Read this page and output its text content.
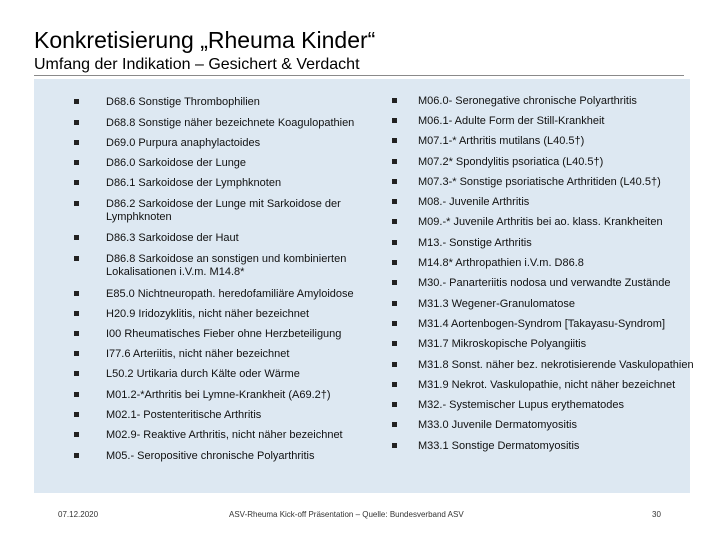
Konkretisierung „Rheuma Kinder“
Umfang der Indikation – Gesichert & Verdacht
D68.6 Sonstige Thrombophilien
D68.8 Sonstige näher bezeichnete Koagulopathien
D69.0 Purpura anaphylactoides
D86.0 Sarkoidose der Lunge
D86.1 Sarkoidose der Lymphknoten
D86.2 Sarkoidose der Lunge mit Sarkoidose der Lymphknoten
D86.3 Sarkoidose der Haut
D86.8 Sarkoidose an sonstigen und kombinierten Lokalisationen i.V.m. M14.8*
E85.0 Nichtneuropath. heredofamiliäre Amyloidose
H20.9 Iridozyklitis, nicht näher bezeichnet
I00 Rheumatisches Fieber ohne Herzbeteiligung
I77.6 Arteriitis, nicht näher bezeichnet
L50.2 Urtikaria durch Kälte oder Wärme
M01.2-*Arthritis bei Lymne-Krankheit (A69.2†)
M02.1- Postenteritische Arthritis
M02.9- Reaktive Arthritis, nicht näher bezeichnet
M05.- Seropositive chronische Polyarthritis
M06.0- Seronegative chronische Polyarthritis
M06.1- Adulte Form der Still-Krankheit
M07.1-* Arthritis mutilans (L40.5†)
M07.2* Spondylitis psoriatica (L40.5†)
M07.3-* Sonstige psoriatische Arthritiden (L40.5†)
M08.- Juvenile Arthritis
M09.-* Juvenile Arthritis bei ao. klass. Krankheiten
M13.- Sonstige Arthritis
M14.8* Arthropathien i.V.m. D86.8
M30.- Panarteriitis nodosa und verwandte Zustände
M31.3 Wegener-Granulomatose
M31.4 Aortenbogen-Syndrom [Takayasu-Syndrom]
M31.7 Mikroskopische Polyangiitis
M31.8 Sonst. näher bez. nekrotisierende Vaskulopathien
M31.9 Nekrot. Vaskulopathie, nicht näher bezeichnet
M32.- Systemischer Lupus erythematodes
M33.0 Juvenile Dermatomyositis
M33.1 Sonstige Dermatomyositis
07.12.2020	ASV-Rheuma Kick-off Präsentation – Quelle: Bundesverband ASV	30
